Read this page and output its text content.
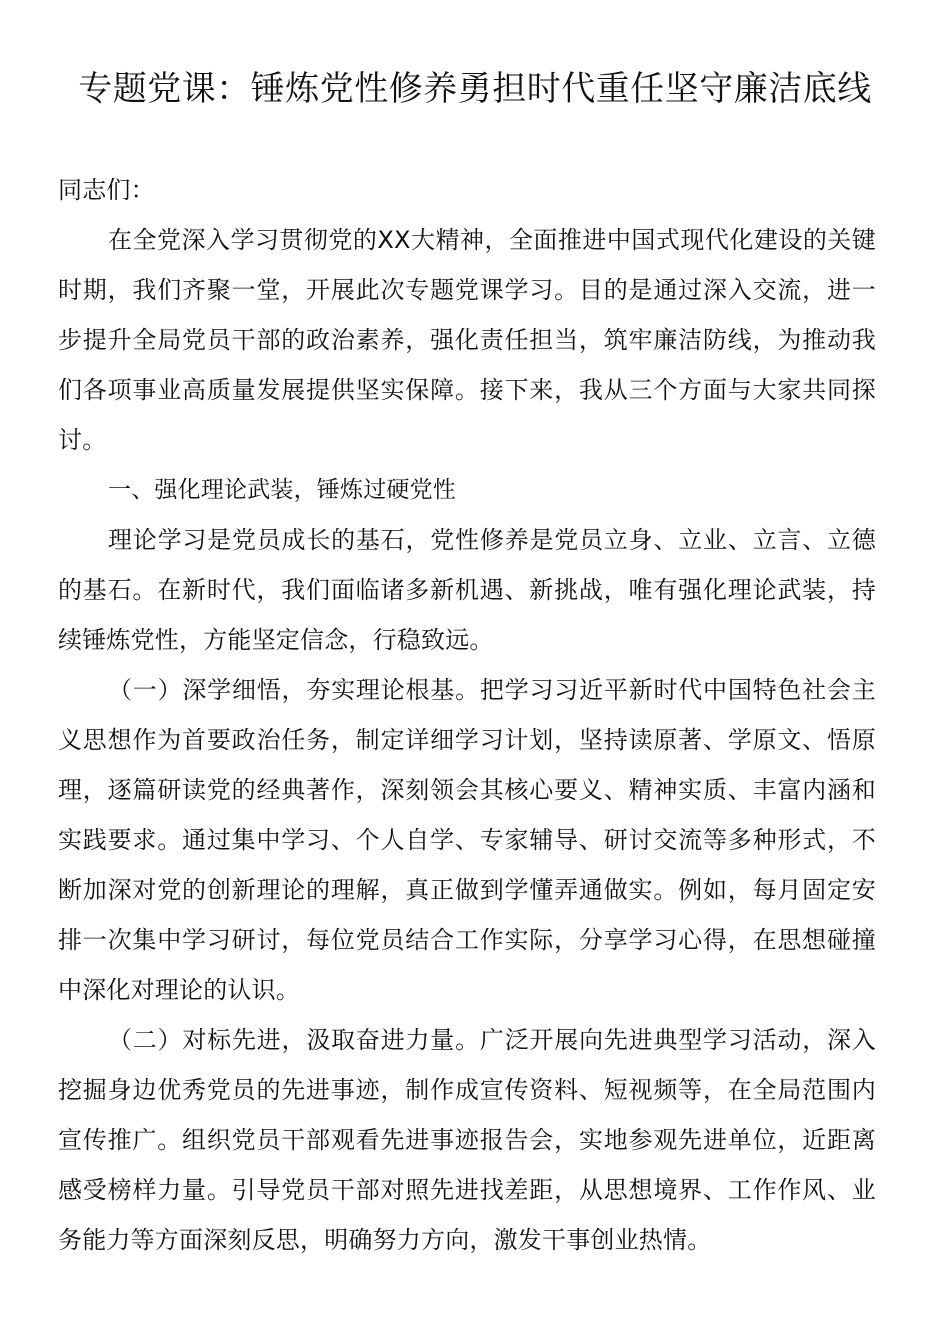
专题党课：锤炼党性修养勇担时代重任坚守廉洁底线

同志们：

在全党深入学习贯彻党的XX大精神，全面推进中国式现代化建设的关键时期，我们齐聚一堂，开展此次专题党课学习。目的是通过深入交流，进一步提升全局党员干部的政治素养，强化责任担当，筑牢廉洁防线，为推动我们各项事业高质量发展提供坚实保障。接下来，我从三个方面与大家共同探讨。

一、强化理论武装，锤炼过硬党性

理论学习是党员成长的基石，党性修养是党员立身、立业、立言、立德的基石。在新时代，我们面临诸多新机遇、新挑战，唯有强化理论武装，持续锤炼党性，方能坚定信念，行稳致远。

（一）深学细悟，夯实理论根基。把学习习近平新时代中国特色社会主义思想作为首要政治任务，制定详细学习计划，坚持读原著、学原文、悟原理，逐篇研读党的经典著作，深刻领会其核心要义、精神实质、丰富内涵和实践要求。通过集中学习、个人自学、专家辅导、研讨交流等多种形式，不断加深对党的创新理论的理解，真正做到学懂弄通做实。例如，每月固定安排一次集中学习研讨，每位党员结合工作实际，分享学习心得，在思想碰撞中深化对理论的认识。

（二）对标先进，汲取奋进力量。广泛开展向先进典型学习活动，深入挖掘身边优秀党员的先进事迹，制作成宣传资料、短视频等，在全局范围内宣传推广。组织党员干部观看先进事迹报告会，实地参观先进单位，近距离感受榜样力量。引导党员干部对照先进找差距，从思想境界、工作作风、业务能力等方面深刻反思，明确努力方向，激发干事创业热情。
